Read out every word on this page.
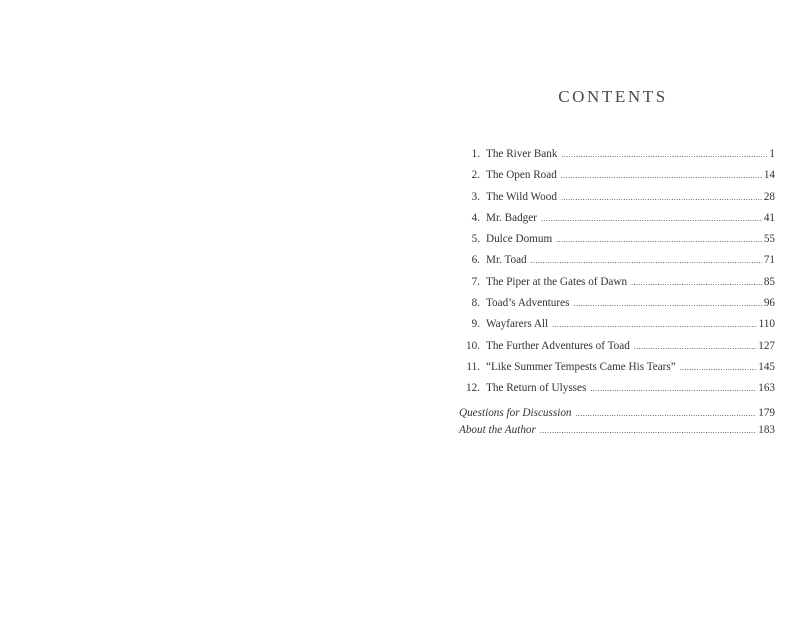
CONTENTS
1. The River Bank .....	1
2. The Open Road .....	14
3. The Wild Wood .....	28
4. Mr. Badger .....	41
5. Dulce Domum .....	55
6. Mr. Toad .....	71
7. The Piper at the Gates of Dawn .....	85
8. Toad’s Adventures .....	96
9. Wayfarers All .....	110
10. The Further Adventures of Toad .....	127
11. “Like Summer Tempests Came His Tears” .....	145
12. The Return of Ulysses .....	163
Questions for Discussion .....	179
About the Author .....	183
